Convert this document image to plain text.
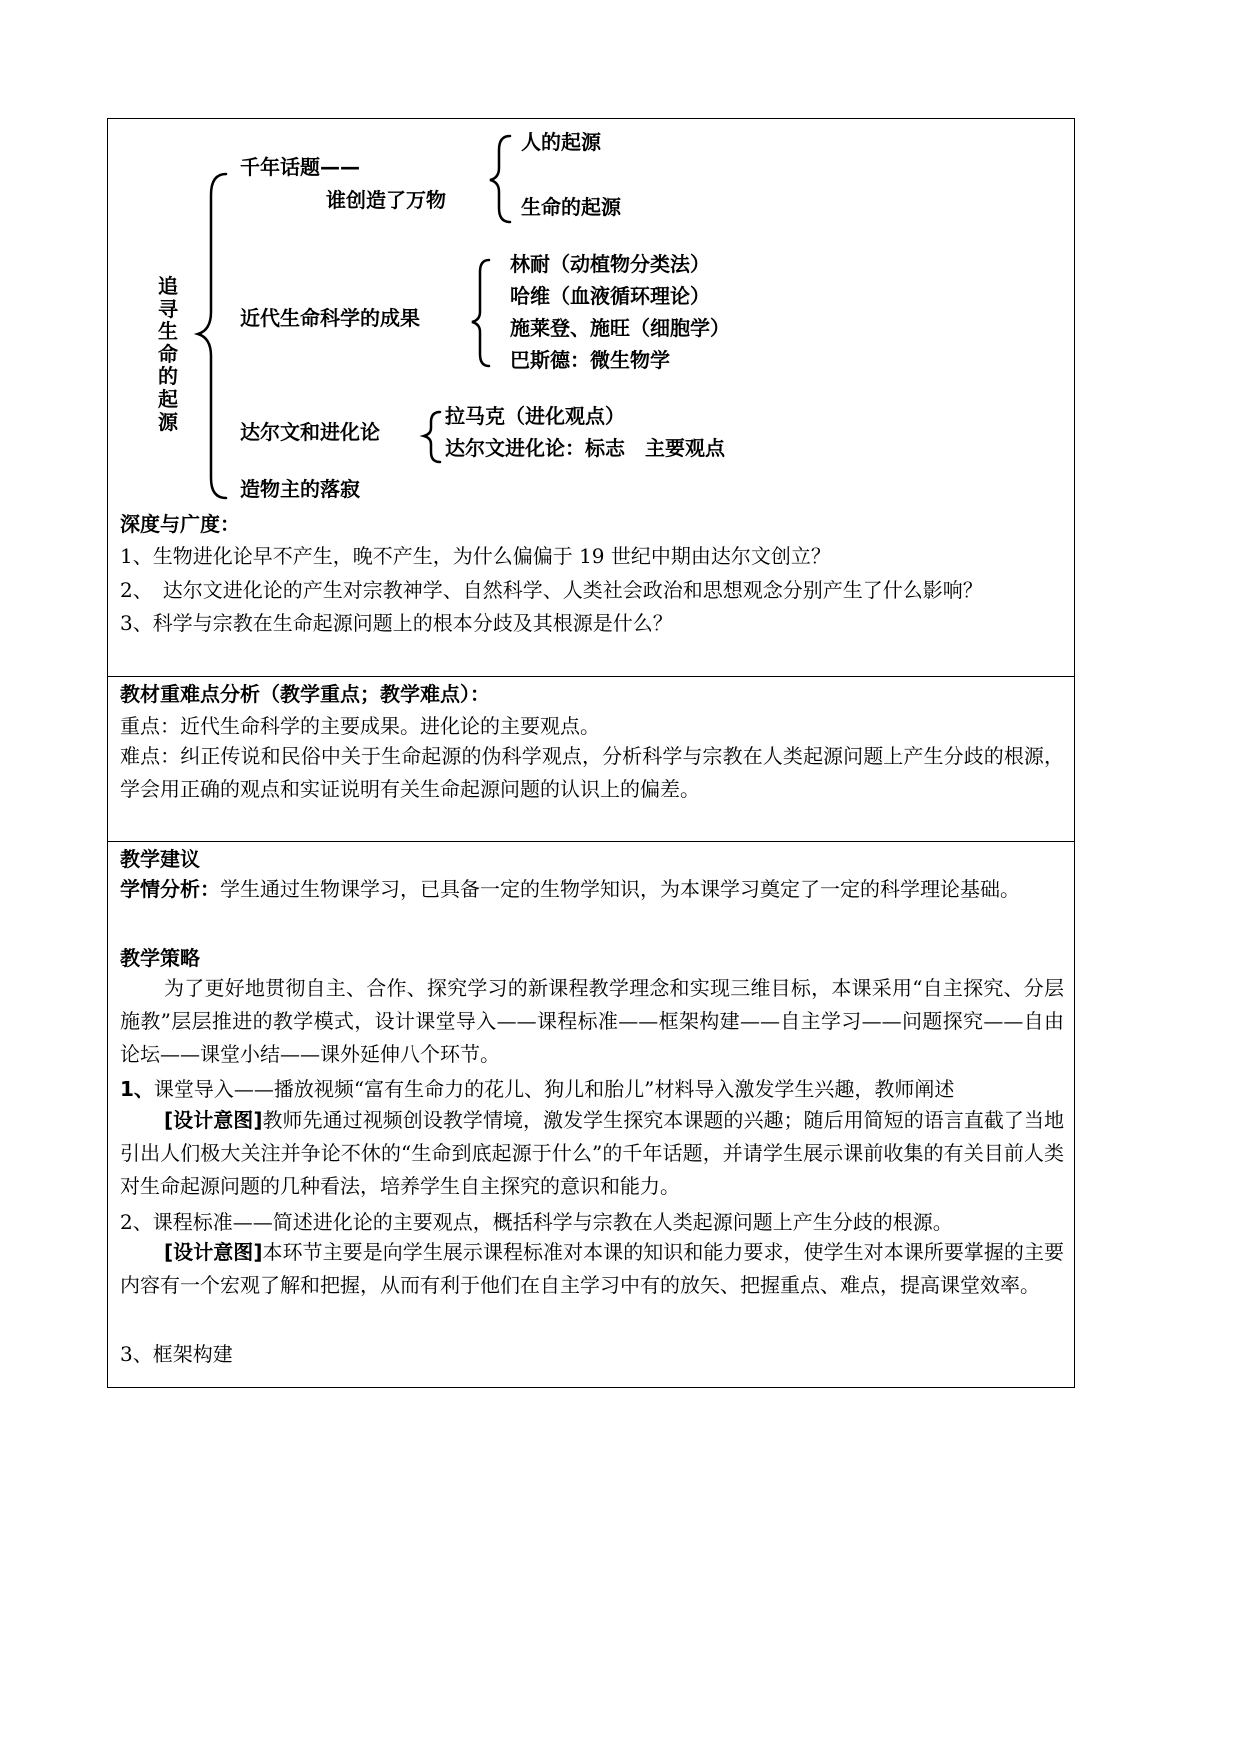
追寻生命的起源
千年话题——
谁创造了万物
人的起源
生命的起源
近代生命科学的成果
林耐（动植物分类法）
哈维（血液循环理论）
施莱登、施旺（细胞学）
巴斯德：微生物学
达尔文和进化论
拉马克（进化观点）
达尔文进化论：标志　主要观点
造物主的落寂
深度与广度：
1、生物进化论早不产生，晚不产生，为什么偏偏于 19 世纪中期由达尔文创立？
2、　达尔文进化论的产生对宗教神学、自然科学、人类社会政治和思想观念分别产生了什么影响？
3、科学与宗教在生命起源问题上的根本分歧及其根源是什么？
教材重难点分析（教学重点；教学难点）：
重点：近代生命科学的主要成果。进化论的主要观点。
难点：纠正传说和民俗中关于生命起源的伪科学观点，分析科学与宗教在人类起源问题上产生分歧的根源，学会用正确的观点和实证说明有关生命起源问题的认识上的偏差。
教学建议
学情分析：学生通过生物课学习，已具备一定的生物学知识，为本课学习奠定了一定的科学理论基础。
教学策略
为了更好地贯彻自主、合作、探究学习的新课程教学理念和实现三维目标，本课采用“自主探究、分层施教”层层推进的教学模式，设计课堂导入——课程标准——框架构建——自主学习——问题探究——自由论坛——课堂小结——课外延伸八个环节。
1、课堂导入——播放视频“富有生命力的花儿、狗儿和胎儿”材料导入激发学生兴趣，教师阐述
[设计意图]教师先通过视频创设教学情境，激发学生探究本课题的兴趣；随后用简短的语言直截了当地引出人们极大关注并争论不休的“生命到底起源于什么”的千年话题，并请学生展示课前收集的有关目前人类对生命起源问题的几种看法，培养学生自主探究的意识和能力。
2、课程标准——简述进化论的主要观点，概括科学与宗教在人类起源问题上产生分歧的根源。
[设计意图]本环节主要是向学生展示课程标准对本课的知识和能力要求，使学生对本课所要掌握的主要内容有一个宏观了解和把握，从而有利于他们在自主学习中有的放矢、把握重点、难点，提高课堂效率。
3、框架构建
